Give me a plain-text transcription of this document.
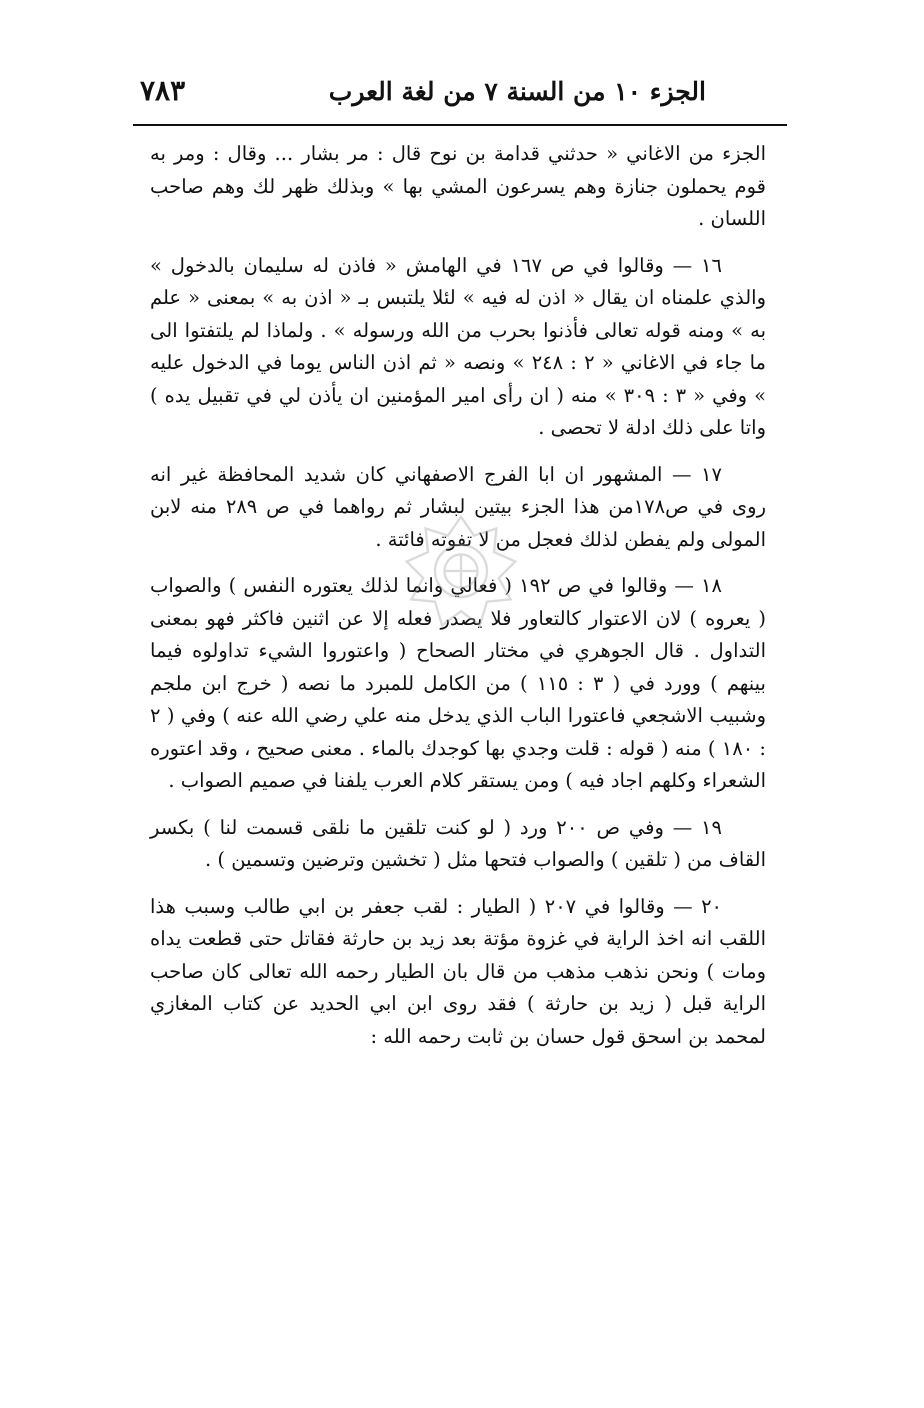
الجزء ١٠ من السنة ٧ من لغة العرب
٧٨٣

الجزء من الاغاني « حدثني قدامة بن نوح قال : مر بشار ... وقال : ومر به قوم يحملون جنازة وهم يسرعون المشي بها » وبذلك ظهر لك وهم صاحب اللسان .

١٦ — وقالوا في ص ١٦٧ في الهامش « فاذن له سليمان بالدخول » والذي علمناه ان يقال « اذن له فيه » لئلا يلتبس بـ « اذن به » بمعنى « علم به » ومنه قوله تعالى فأذنوا بحرب من الله ورسوله » . ولماذا لم يلتفتوا الى ما جاء في الاغاني « ٢ : ٢٤٨ » ونصه « ثم اذن الناس يوما في الدخول عليه » وفي « ٣ : ٣٠٩ » منه ( ان رأى امير المؤمنين ان يأذن لي في تقبيل يده ) واتا على ذلك ادلة لا تحصى .

١٧ — المشهور ان ابا الفرج الاصفهاني كان شديد المحافظة غير انه روى في ص١٧٨من هذا الجزء بيتين لبشار ثم رواهما في ص ٢٨٩ منه لابن المولى ولم يفطن لذلك فعجل من لا تفوته فائتة .

١٨ — وقالوا في ص ١٩٢ ( فعالي وانما لذلك يعتوره النفس ) والصواب ( يعروه ) لان الاعتوار كالتعاور فلا يصدر فعله إلا عن اثنين فاكثر فهو بمعنى التداول . قال الجوهري في مختار الصحاح ( واعتوروا الشيء تداولوه فيما بينهم ) وورد في ( ٣ : ١١٥ ) من الكامل للمبرد ما نصه ( خرج ابن ملجم وشبيب الاشجعي فاعتورا الباب الذي يدخل منه علي رضي الله عنه ) وفي ( ٢ : ١٨٠ ) منه ( قوله : قلت وجدي بها كوجدك بالماء . معنى صحيح ، وقد اعتوره الشعراء وكلهم اجاد فيه ) ومن يستقر كلام العرب يلفنا في صميم الصواب .

١٩ — وفي ص ٢٠٠ ورد ( لو كنت تلقين ما نلقى قسمت لنا ) بكسر القاف من ( تلقين ) والصواب فتحها مثل ( تخشين وترضين وتسمين ) .

٢٠ — وقالوا في ٢٠٧ ( الطيار : لقب جعفر بن ابي طالب وسبب هذا اللقب انه اخذ الراية في غزوة مؤتة بعد زيد بن حارثة فقاتل حتى قطعت يداه ومات ) ونحن نذهب مذهب من قال بان الطيار رحمه الله تعالى كان صاحب الراية قبل ( زيد بن حارثة ) فقد روى ابن ابي الحديد عن كتاب المغازي لمحمد بن اسحق قول حسان بن ثابت رحمه الله :
